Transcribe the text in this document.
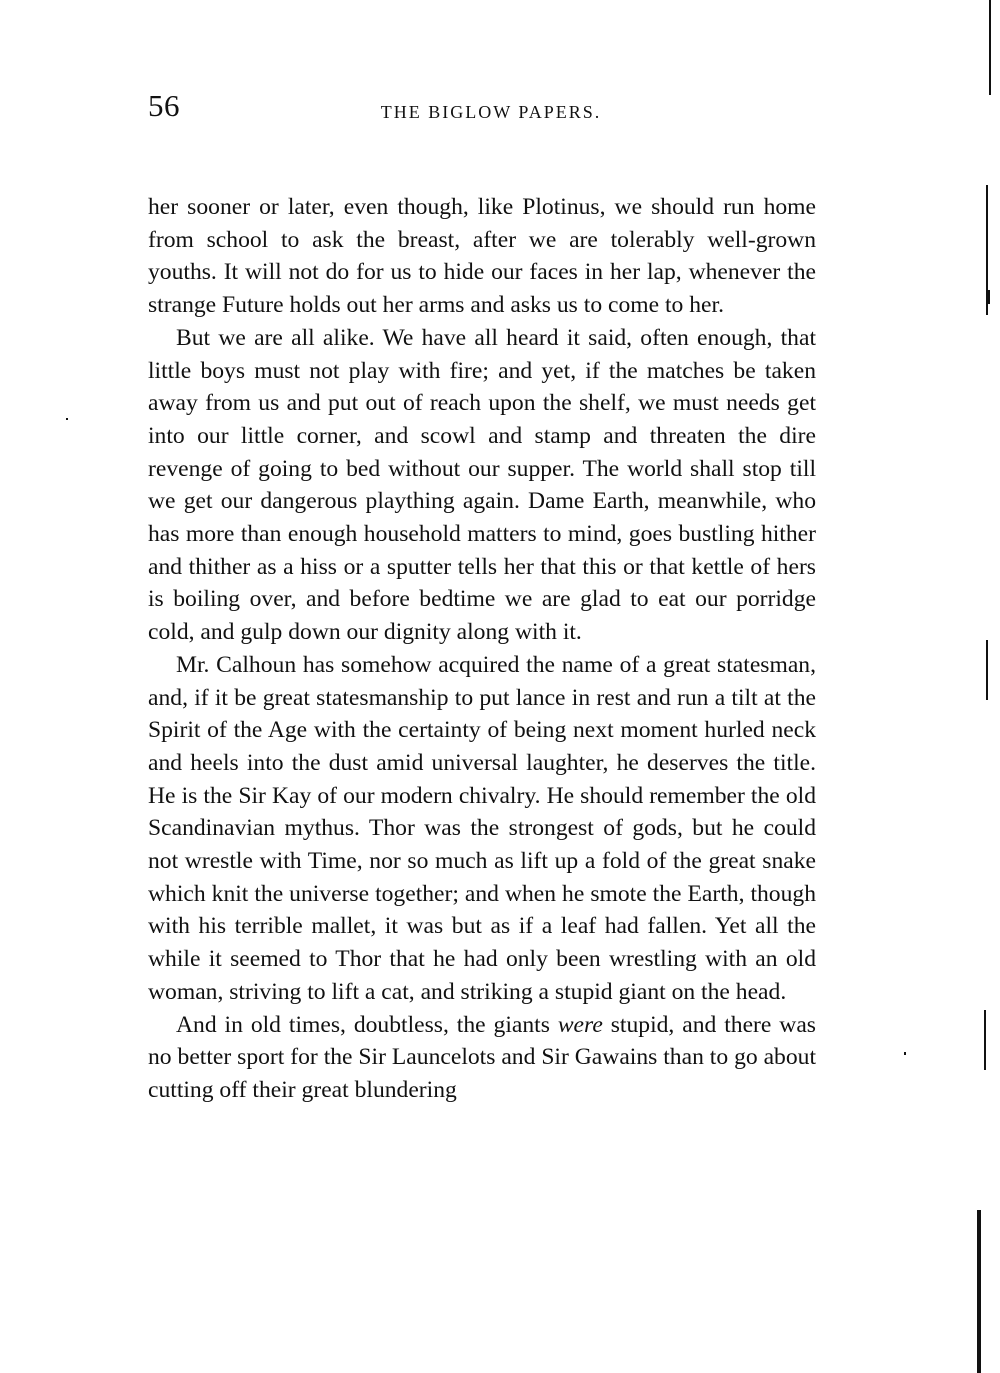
56	THE BIGLOW PAPERS.

her sooner or later, even though, like Plotinus, we should run home from school to ask the breast, after we are tolerably well-grown youths. It will not do for us to hide our faces in her lap, whenever the strange Future holds out her arms and asks us to come to her.

But we are all alike. We have all heard it said, often enough, that little boys must not play with fire; and yet, if the matches be taken away from us and put out of reach upon the shelf, we must needs get into our little corner, and scowl and stamp and threaten the dire revenge of going to bed without our supper. The world shall stop till we get our dangerous plaything again. Dame Earth, meanwhile, who has more than enough household matters to mind, goes bustling hither and thither as a hiss or a sputter tells her that this or that kettle of hers is boiling over, and before bedtime we are glad to eat our porridge cold, and gulp down our dignity along with it.

Mr. Calhoun has somehow acquired the name of a great statesman, and, if it be great statesmanship to put lance in rest and run a tilt at the Spirit of the Age with the certainty of being next moment hurled neck and heels into the dust amid universal laughter, he deserves the title. He is the Sir Kay of our modern chivalry. He should remember the old Scandinavian mythus. Thor was the strongest of gods, but he could not wrestle with Time, nor so much as lift up a fold of the great snake which knit the universe together; and when he smote the Earth, though with his terrible mallet, it was but as if a leaf had fallen. Yet all the while it seemed to Thor that he had only been wrestling with an old woman, striving to lift a cat, and striking a stupid giant on the head.

And in old times, doubtless, the giants were stupid, and there was no better sport for the Sir Launcelots and Sir Gawains than to go about cutting off their great blundering
